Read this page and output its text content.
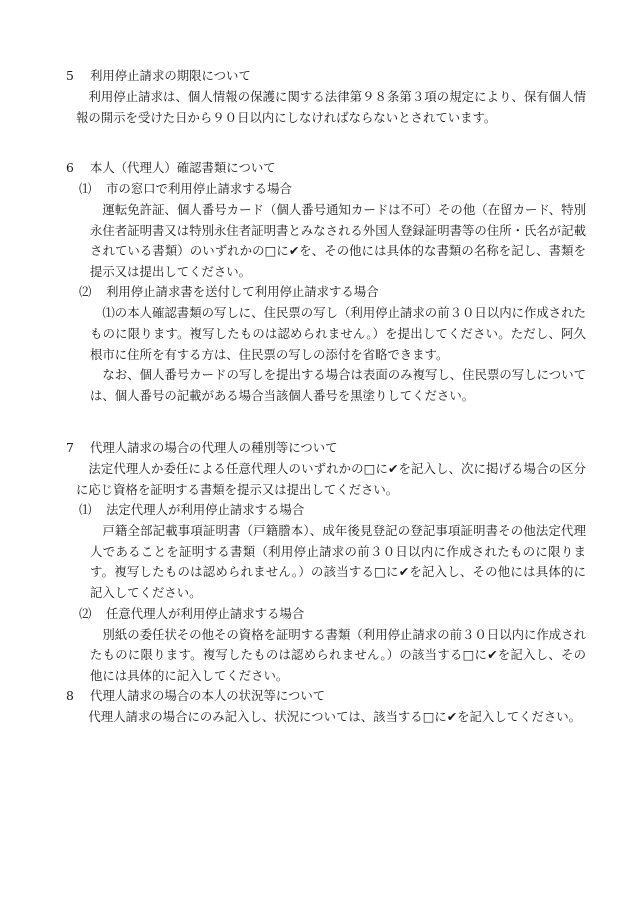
5 利用停止請求の期限について

利用停止請求は、個人情報の保護に関する法律第９８条第３項の規定により、保有個人情報の開示を受けた日から９０日以内にしなければならないとされています。

6 本人（代理人）確認書類について
⑴ 市の窓口で利用停止請求する場合

運転免許証、個人番号カード（個人番号通知カードは不可）その他（在留カード、特別永住者証明書又は特別永住者証明書とみなされる外国人登録証明書等の住所・氏名が記載されている書類）のいずれかの□に✔を、その他には具体的な書類の名称を記し、書類を提示又は提出してください。

⑵ 利用停止請求書を送付して利用停止請求する場合

⑴の本人確認書類の写しに、住民票の写し（利用停止請求の前３０日以内に作成されたものに限ります。複写したものは認められません。）を提出してください。ただし、阿久根市に住所を有する方は、住民票の写しの添付を省略できます。

なお、個人番号カードの写しを提出する場合は表面のみ複写し、住民票の写しについては、個人番号の記載がある場合当該個人番号を黒塗りしてください。

7 代理人請求の場合の代理人の種別等について

法定代理人か委任による任意代理人のいずれかの□に✔を記入し、次に掲げる場合の区分に応じ資格を証明する書類を提示又は提出してください。

⑴ 法定代理人が利用停止請求する場合

戸籍全部記載事項証明書（戸籍謄本）、成年後見登記の登記事項証明書その他法定代理人であることを証明する書類（利用停止請求の前３０日以内に作成されたものに限ります。複写したものは認められません。）の該当する□に✔を記入し、その他には具体的に記入してください。

⑵ 任意代理人が利用停止請求する場合

別紙の委任状その他その資格を証明する書類（利用停止請求の前３０日以内に作成されたものに限ります。複写したものは認められません。）の該当する□に✔を記入し、その他には具体的に記入してください。

8 代理人請求の場合の本人の状況等について

代理人請求の場合にのみ記入し、状況については、該当する□に✔を記入してください。
